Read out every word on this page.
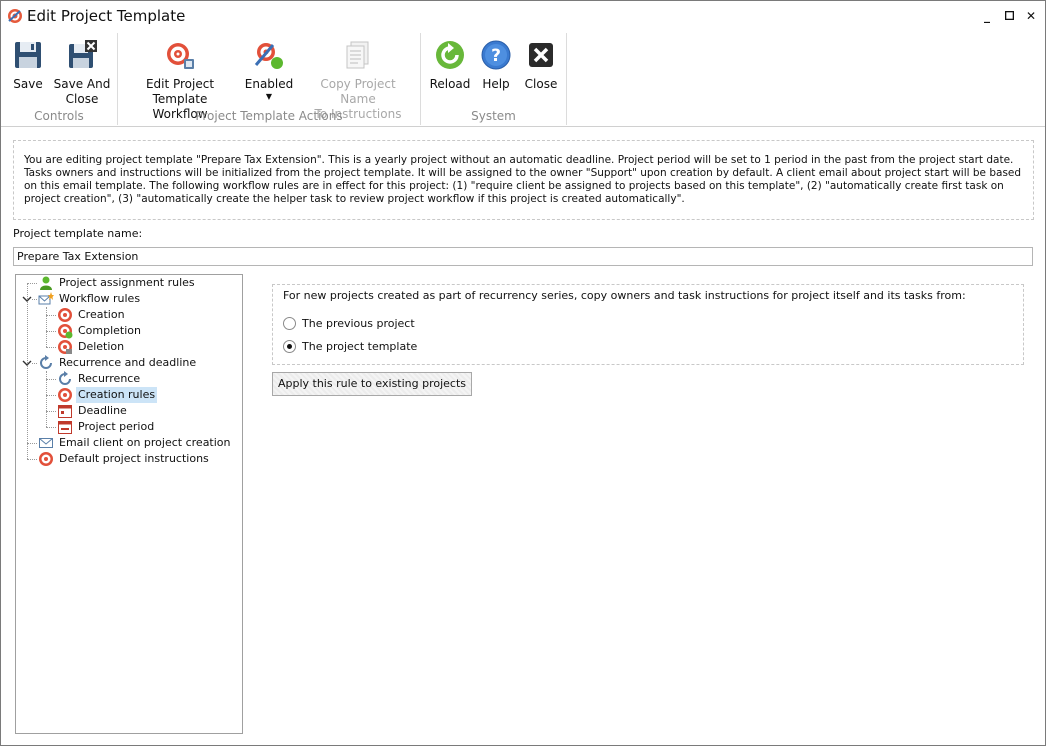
Edit Project Template	_	✕
Save Save And
Close
Controls
Edit Project
Template Workflow
Enabled
▼
Copy Project Name
To Instructions
Project Template Actions
Reload
?
Help	Close
System
You are editing project template "Prepare Tax Extension". This is a yearly project without an automatic deadline. Project period will be set to 1 period in the past from the project start date. Tasks owners and instructions will be initialized from the project template. It will be assigned to the owner "Support" upon creation by default. A client email about project start will be based on this email template. The following workflow rules are in effect for this project: (1) "require client be assigned to projects based on this template", (2) "automatically create first task on project creation", (3) "automatically create the helper task to review project workflow if this project is created automatically".
Project template name:
Prepare Tax Extension
Project assignment rules
Workflow rules
Creation
Completion
Deletion
Recurrence and deadline
Recurrence
Creation rules
Deadline
Project period
Email client on project creation
Default project instructions
For new projects created as part of recurrency series, copy owners and task instructions for project itself and its tasks from:
The previous project
The project template
Apply this rule to existing projects
